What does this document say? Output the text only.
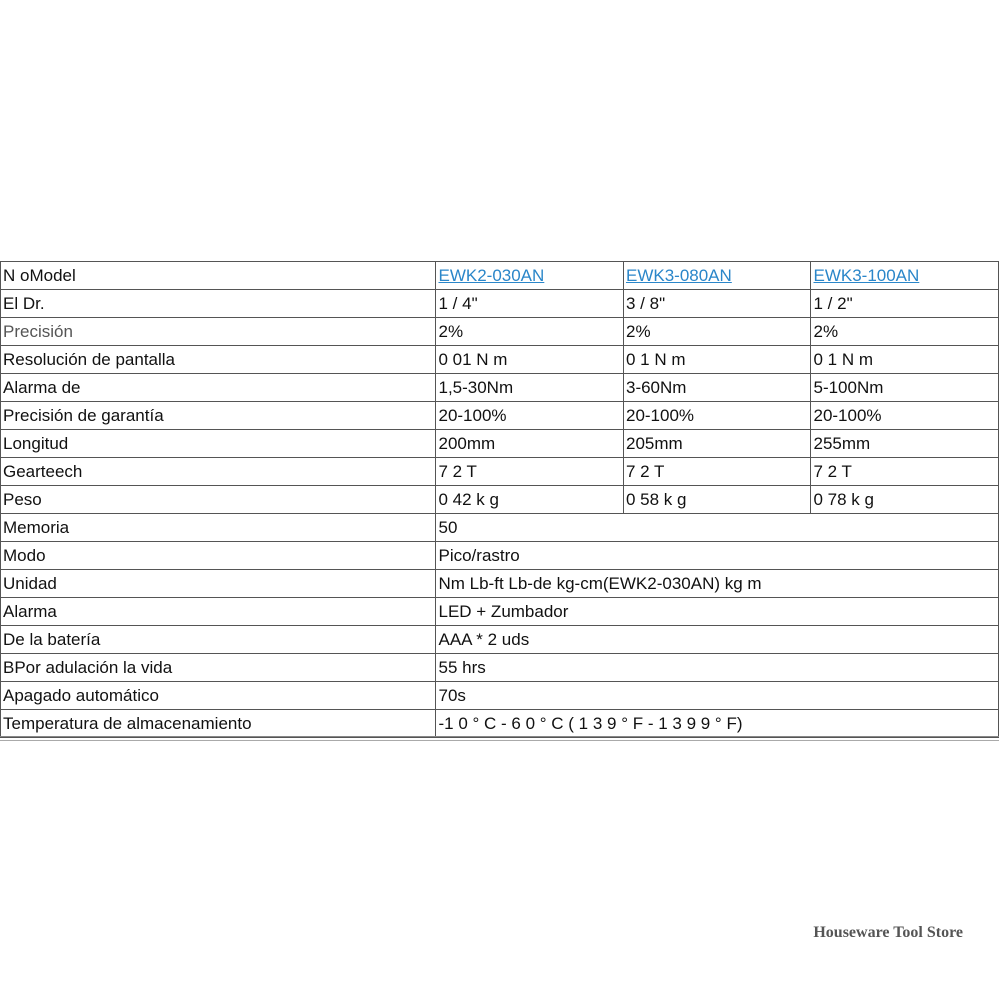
N oModel	EWK2-030AN	EWK3-080AN	EWK3-100AN
El Dr.	1 / 4"	3 / 8"	1 / 2"
Precisión	2%	2%	2%
Resolución de pantalla	0 01 N m	0 1 N m	0 1 N m
Alarma de	1,5-30Nm	3-60Nm	5-100Nm
Precisión de garantía	20-100%	20-100%	20-100%
Longitud	200mm	205mm	255mm
Gearteech	7 2 T	7 2 T	7 2 T
Peso	0 42 k g	0 58 k g	0 78 k g
Memoria	50		
Modo	Pico/rastro		
Unidad	Nm Lb-ft Lb-de kg-cm(EWK2-030AN) kg m		
Alarma	LED + Zumbador		
De la batería	AAA * 2 uds		
BPor adulación la vida	55 hrs		
Apagado automático	70s		
Temperatura de almacenamiento	-1 0 ° C - 6 0 ° C ( 1 3 9 ° F - 1 3 9 9 ° F)		
Houseware Tool Store
